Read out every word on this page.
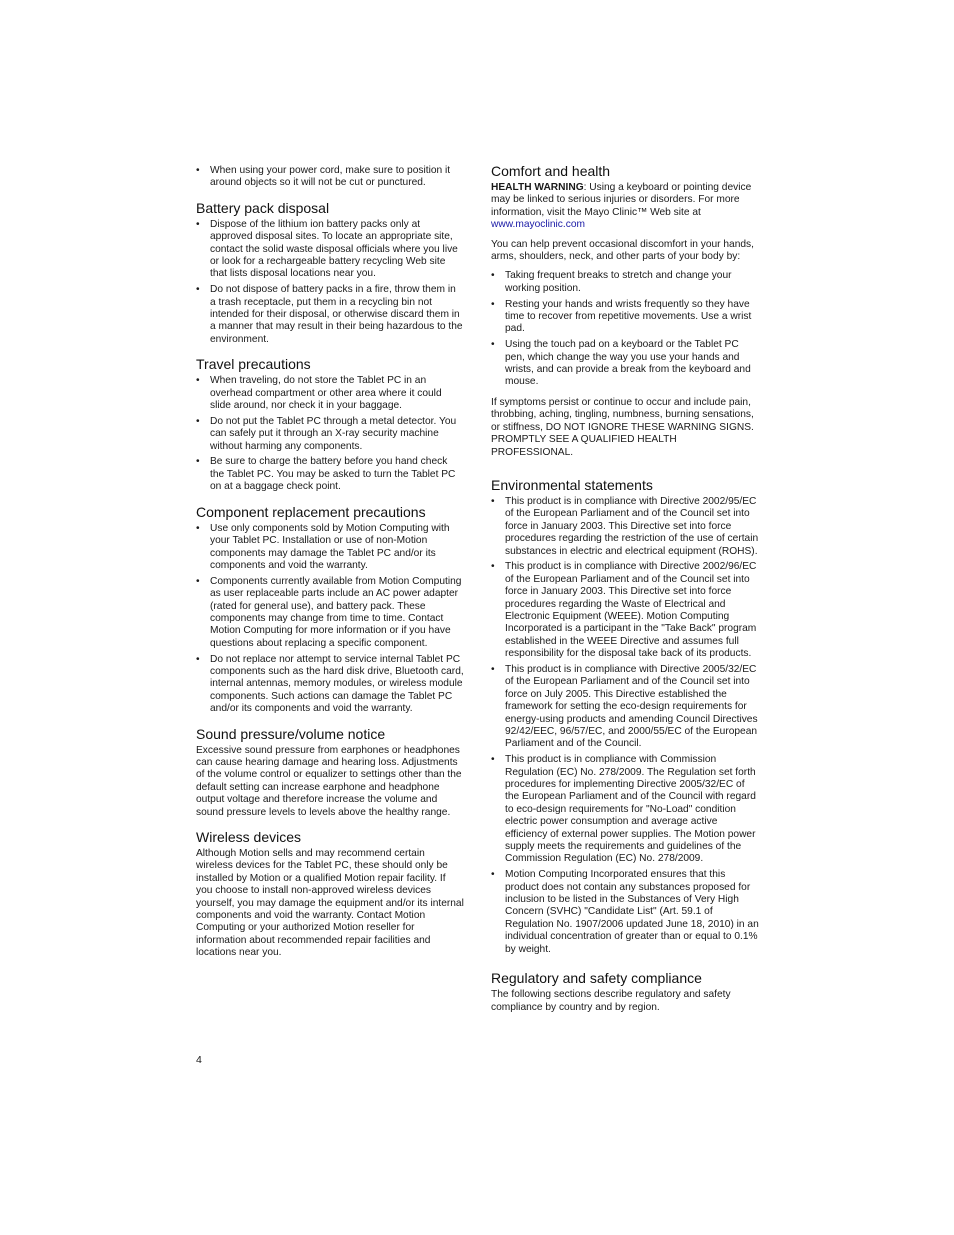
• When using your power cord, make sure to position it around objects so it will not be cut or punctured.
Battery pack disposal
• Dispose of the lithium ion battery packs only at approved disposal sites. To locate an appropriate site, contact the solid waste disposal officials where you live or look for a rechargeable battery recycling Web site that lists disposal locations near you.
• Do not dispose of battery packs in a fire, throw them in a trash receptacle, put them in a recycling bin not intended for their disposal, or otherwise discard them in a manner that may result in their being hazardous to the environment.
Travel precautions
• When traveling, do not store the Tablet PC in an overhead compartment or other area where it could slide around, nor check it in your baggage.
• Do not put the Tablet PC through a metal detector. You can safely put it through an X-ray security machine without harming any components.
• Be sure to charge the battery before you hand check the Tablet PC. You may be asked to turn the Tablet PC on at a baggage check point.
Component replacement precautions
• Use only components sold by Motion Computing with your Tablet PC. Installation or use of non-Motion components may damage the Tablet PC and/or its components and void the warranty.
• Components currently available from Motion Computing as user replaceable parts include an AC power adapter (rated for general use), and battery pack. These components may change from time to time. Contact Motion Computing for more information or if you have questions about replacing a specific component.
• Do not replace nor attempt to service internal Tablet PC components such as the hard disk drive, Bluetooth card, internal antennas, memory modules, or wireless module components. Such actions can damage the Tablet PC and/or its components and void the warranty.
Sound pressure/volume notice

Excessive sound pressure from earphones or headphones can cause hearing damage and hearing loss. Adjustments of the volume control or equalizer to settings other than the default setting can increase earphone and headphone output voltage and therefore increase the volume and sound pressure levels to levels above the healthy range.

Wireless devices

Although Motion sells and may recommend certain wireless devices for the Tablet PC, these should only be installed by Motion or a qualified Motion repair facility. If you choose to install non-approved wireless devices yourself, you may damage the equipment and/or its internal components and void the warranty. Contact Motion Computing or your authorized Motion reseller for information about recommended repair facilities and locations near you.

Comfort and health

HEALTH WARNING: Using a keyboard or pointing device may be linked to serious injuries or disorders. For more information, visit the Mayo Clinic™ Web site at
www.mayoclinic.com

You can help prevent occasional discomfort in your hands, arms, shoulders, neck, and other parts of your body by:

• Taking frequent breaks to stretch and change your working position.
• Resting your hands and wrists frequently so they have time to recover from repetitive movements. Use a wrist pad.
• Using the touch pad on a keyboard or the Tablet PC pen, which change the way you use your hands and wrists, and can provide a break from the keyboard and mouse.

If symptoms persist or continue to occur and include pain, throbbing, aching, tingling, numbness, burning sensations, or stiffness, DO NOT IGNORE THESE WARNING SIGNS. PROMPTLY SEE A QUALIFIED HEALTH PROFESSIONAL.

Environmental statements
• This product is in compliance with Directive 2002/95/EC of the European Parliament and of the Council set into force in January 2003. This Directive set into force procedures regarding the restriction of the use of certain substances in electric and electrical equipment (ROHS).
• This product is in compliance with Directive 2002/96/EC of the European Parliament and of the Council set into force in January 2003. This Directive set into force procedures regarding the Waste of Electrical and Electronic Equipment (WEEE). Motion Computing Incorporated is a participant in the "Take Back" program established in the WEEE Directive and assumes full responsibility for the disposal take back of its products.
• This product is in compliance with Directive 2005/32/EC of the European Parliament and of the Council set into force on July 2005. This Directive established the framework for setting the eco-design requirements for energy-using products and amending Council Directives 92/42/EEC, 96/57/EC, and 2000/55/EC of the European Parliament and of the Council.
• This product is in compliance with Commission Regulation (EC) No. 278/2009. The Regulation set forth procedures for implementing Directive 2005/32/EC of the European Parliament and of the Council with regard to eco-design requirements for "No-Load" condition electric power consumption and average active efficiency of external power supplies. The Motion power supply meets the requirements and guidelines of the Commission Regulation (EC) No. 278/2009.
• Motion Computing Incorporated ensures that this product does not contain any substances proposed for inclusion to be listed in the Substances of Very High Concern (SVHC) "Candidate List" (Art. 59.1 of Regulation No. 1907/2006 updated June 18, 2010) in an individual concentration of greater than or equal to 0.1% by weight.
Regulatory and safety compliance

The following sections describe regulatory and safety compliance by country and by region.

4
